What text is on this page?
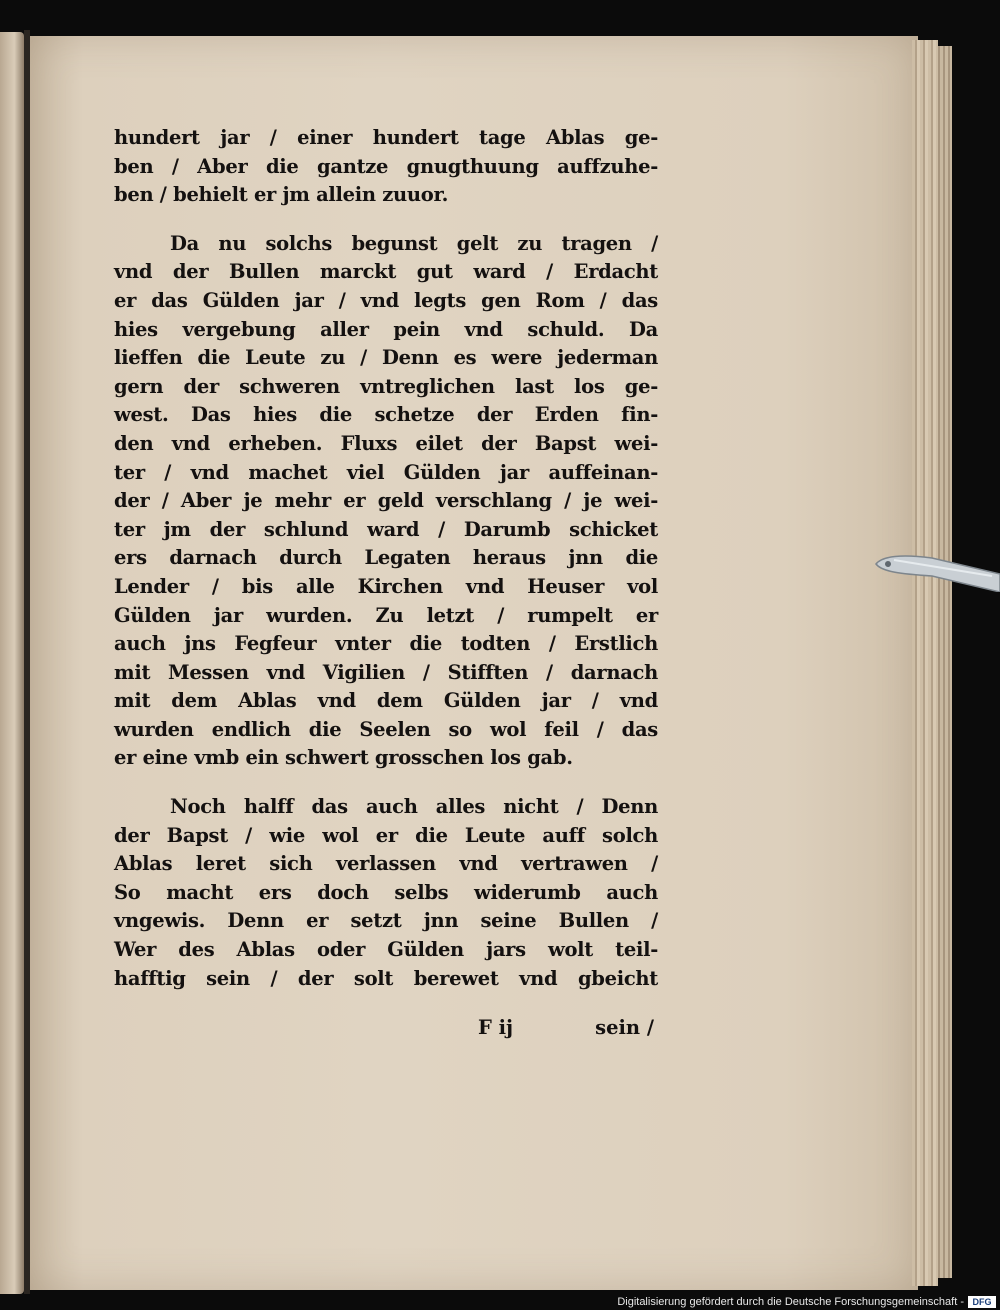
hundert jar / einer hundert tage Ablas ge-
ben / Aber die gantze gnugthuung auffzuhe-
ben / behielt er jm allein zuuor.
Da nu solchs begunst gelt zu tragen /
vnd der Bullen marckt gut ward / Erdacht
er das Gülden jar / vnd legts gen Rom / das
hies vergebung aller pein vnd schuld. Da
lieffen die Leute zu / Denn es were jederman
gern der schweren vntreglichen last los ge-
west. Das hies die schetze der Erden fin-
den vnd erheben. Fluxs eilet der Bapst wei-
ter / vnd machet viel Gülden jar auffeinan-
der / Aber je mehr er geld verschlang / je wei-
ter jm der schlund ward / Darumb schicket
ers darnach durch Legaten heraus jnn die
Lender / bis alle Kirchen vnd Heuser vol
Gülden jar wurden. Zu letzt / rumpelt er
auch jns Fegfeur vnter die todten / Erstlich
mit Messen vnd Vigilien / Stifften / darnach
mit dem Ablas vnd dem Gülden jar / vnd
wurden endlich die Seelen so wol feil / das
er eine vmb ein schwert grosschen los gab.
Noch halff das auch alles nicht / Denn
der Bapst / wie wol er die Leute auff solch
Ablas leret sich verlassen vnd vertrawen /
So macht ers doch selbs widerumb auch
vngewis. Denn er setzt jnn seine Bullen /
Wer des Ablas oder Gülden jars wolt teil-
hafftig sein / der solt berewet vnd gbeicht
F ij	sein /
Digitalisierung gefördert durch die Deutsche Forschungsgemeinschaft - DFG
